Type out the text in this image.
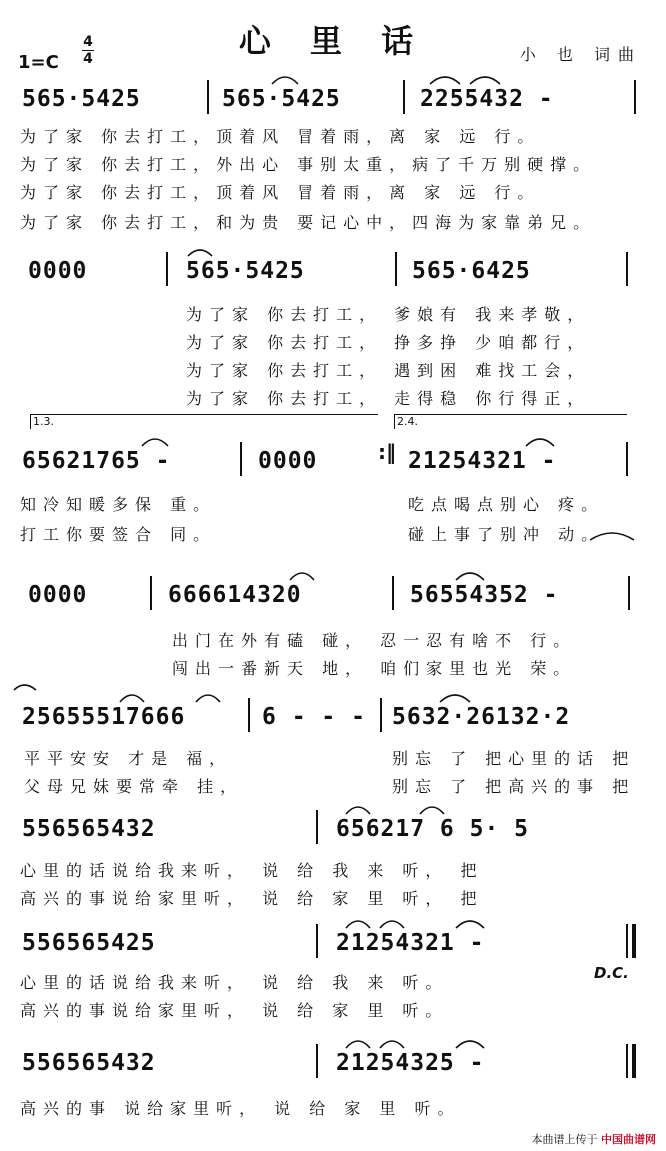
心 里 话
1=C
4
4	小 也 词曲
565·5425	565·5425	2255432 -
为了家 你去打工，顶着风 冒着雨，离 家 远 行。
为了家 你去打工，外出心 事别太重，病了千万别硬撑。
为了家 你去打工，顶着风 冒着雨，离 家 远 行。
为了家 你去打工，和为贵 要记心中，四海为家靠弟兄。
0000	565·5425	565·6425
为了家 你去打工， 爹娘有 我来孝敬，
为了家 你去打工， 挣多挣 少咱都行，
为了家 你去打工， 遇到困 难找工会，
为了家 你去打工， 走得稳 你行得正，
1.3.	2.4.
65621765 -	0000	:‖ 21254321 -
知冷知暖多保 重。
打工你要签合 同。
吃点喝点别心 疼。
碰上事了别冲 动。
0000	666614320	56554352 -
出门在外有磕 碰， 忍一忍有啥不 行。
闯出一番新天 地， 咱们家里也光 荣。
25655517666	6 - - - 5632·26132·2
平平安安 才是 福，
父母兄妹要常牵 挂，
别忘 了 把心里的话 把
别忘 了 把高兴的事 把
556565432	656217 6 5· 5
心里的话说给我来听， 说 给 我 来 听， 把
高兴的事说给家里听， 说 给 家 里 听， 把
556565425	21254321 -
D.C.
心里的话说给我来听， 说 给 我 来 听。
高兴的事说给家里听， 说 给 家 里 听。
556565432	21254325 -
高兴的事 说给家里听， 说 给 家 里 听。
本曲谱上传于 中国曲谱网
